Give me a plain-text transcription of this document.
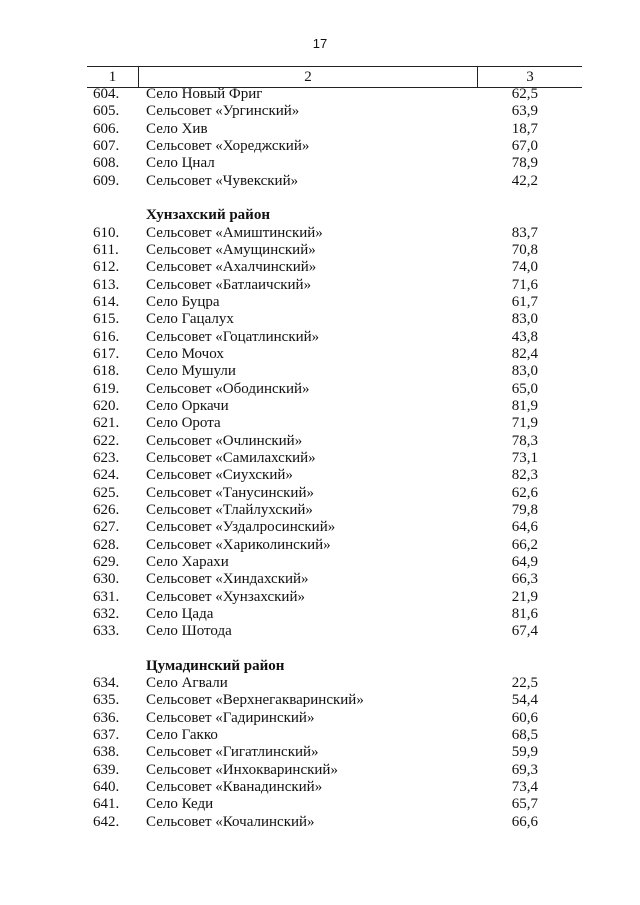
17
1	2	3
604. Село Новый Фриг	62,5
605. Сельсовет «Ургинский»	63,9
606. Село Хив	18,7
607. Сельсовет «Хореджский»	67,0
608. Село Цнал	78,9
609. Сельсовет «Чувекский»	42,2
Хунзахский район
610. Сельсовет «Амиштинский»	83,7
611. Сельсовет «Амущинский»	70,8
612. Сельсовет «Ахалчинский»	74,0
613. Сельсовет «Батлаичский»	71,6
614. Село Буцра	61,7
615. Село Гацалух	83,0
616. Сельсовет «Гоцатлинский»	43,8
617. Село Мочох	82,4
618. Село Мушули	83,0
619. Сельсовет «Ободинский»	65,0
620. Село Оркачи	81,9
621. Село Орота	71,9
622. Сельсовет «Очлинский»	78,3
623. Сельсовет «Самилахский»	73,1
624. Сельсовет «Сиухский»	82,3
625. Сельсовет «Танусинский»	62,6
626. Сельсовет «Тлайлухский»	79,8
627. Сельсовет «Уздалросинский»	64,6
628. Сельсовет «Хариколинский»	66,2
629. Село Харахи	64,9
630. Сельсовет «Хиндахский»	66,3
631. Сельсовет «Хунзахский»	21,9
632. Село Цада	81,6
633. Село Шотода	67,4
Цумадинский район
634. Село Агвали	22,5
635. Сельсовет «Верхнегакваринский»	54,4
636. Сельсовет «Гадиринский»	60,6
637. Село Гакко	68,5
638. Сельсовет «Гигатлинский»	59,9
639. Сельсовет «Инхокваринский»	69,3
640. Сельсовет «Кванадинский»	73,4
641. Село Кеди	65,7
642. Сельсовет «Кочалинский»	66,6
